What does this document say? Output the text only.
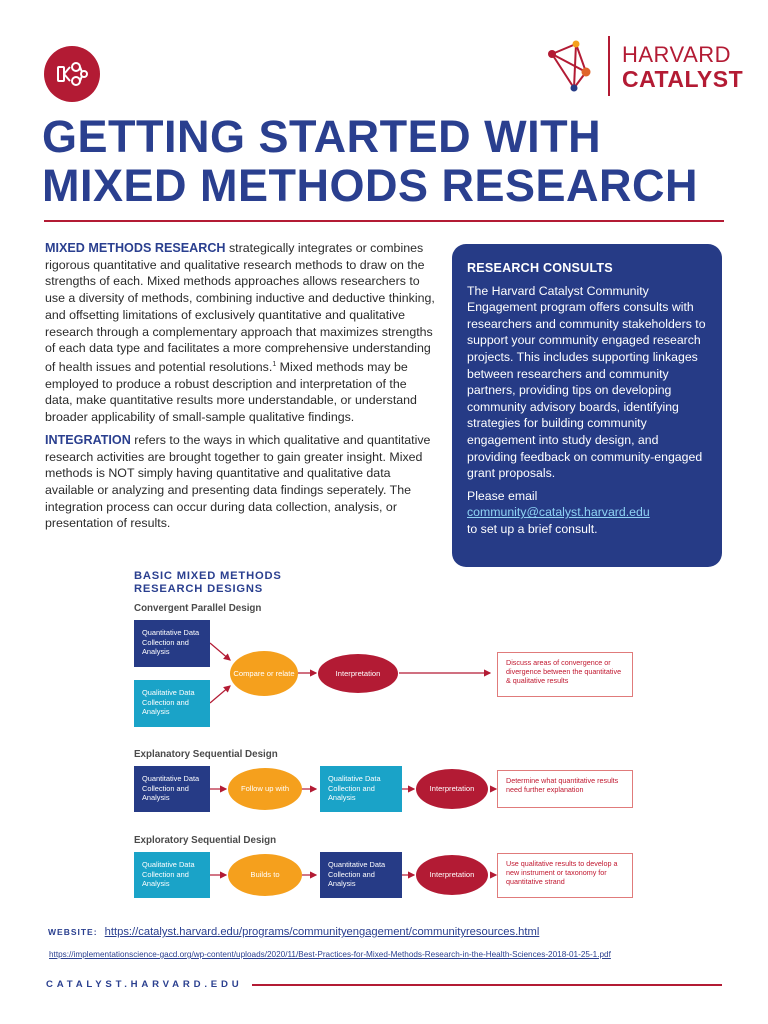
HARVARD
CATALYST
GETTING STARTED WITH
MIXED METHODS RESEARCH

MIXED METHODS RESEARCH strategically integrates or combines rigorous quantitative and qualitative research methods to draw on the strengths of each. Mixed methods approaches allows researchers to use a diversity of methods, combining inductive and deductive thinking, and offsetting limitations of exclusively quantitative and qualitative research through a complementary approach that maximizes strengths of each data type and facilitates a more comprehensive understanding of health issues and potential resolutions.$^1$ Mixed methods may be employed to produce a robust description and interpretation of the data, make quantitative results more understandable, or understand broader applicability of small-sample qualitative findings.

INTEGRATION refers to the ways in which qualitative and quantitative research activities are brought together to gain greater insight. Mixed methods is NOT simply having quantitative and qualitative data available or analyzing and presenting data findings seperately. The integration process can occur during data collection, analysis, or presentation of results.

RESEARCH CONSULTS
The Harvard Catalyst Community Engagement program offers consults with researchers and community stakeholders to support your community engaged research projects. This includes supporting linkages between researchers and community partners, providing tips on developing community advisory boards, identifying strategies for building community engagement into study design, and providing feedback on community-engaged grant proposals.
Please email
community@catalyst.harvard.edu
to set up a brief consult.
BASIC MIXED METHODS
RESEARCH DESIGNS
Convergent Parallel Design
Quantitative Data Collection and Analysis
Qualitative Data Collection and Analysis
Compare or relate	Interpretation
Discuss areas of convergence or divergence between the quantitative & qualitative results
Explanatory Sequential Design
Quantitative Data Collection and Analysis
Follow up with
Qualitative Data Collection and Analysis
Interpretation
Determine what quantitative results need further explanation
Exploratory Sequential Design
Qualitative Data Collection and Analysis
Builds to
Quantitative Data Collection and Analysis
Interpretation
Use qualitative results to develop a new instrument or taxonomy for quantitative strand
WEBSITE: https://catalyst.harvard.edu/programs/communityengagement/communityresources.html
https://implementationscience-gacd.org/wp-content/uploads/2020/11/Best-Practices-for-Mixed-Methods-Research-in-the-Health-Sciences-2018-01-25-1.pdf
CATALYST.HARVARD.EDU
